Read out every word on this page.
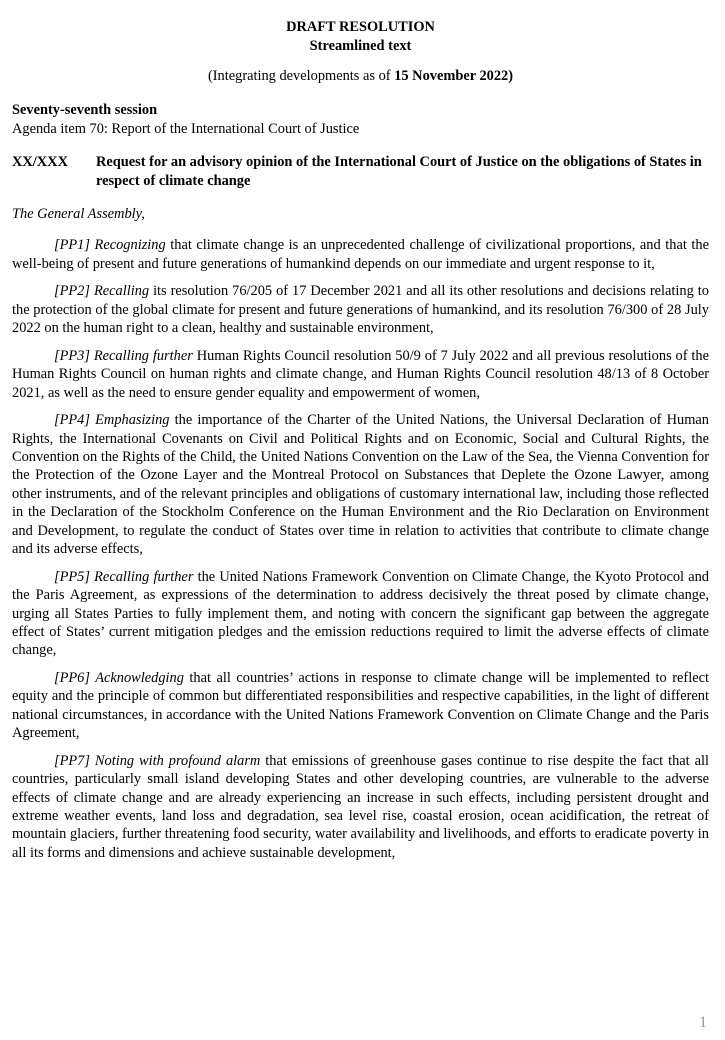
DRAFT RESOLUTION
Streamlined text
(Integrating developments as of 15 November 2022)
Seventy-seventh session
Agenda item 70: Report of the International Court of Justice
XX/XXX	Request for an advisory opinion of the International Court of Justice on the obligations of States in respect of climate change
The General Assembly,

[PP1] Recognizing that climate change is an unprecedented challenge of civilizational proportions, and that the well-being of present and future generations of humankind depends on our immediate and urgent response to it,

[PP2] Recalling its resolution 76/205 of 17 December 2021 and all its other resolutions and decisions relating to the protection of the global climate for present and future generations of humankind, and its resolution 76/300 of 28 July 2022 on the human right to a clean, healthy and sustainable environment,

[PP3] Recalling further Human Rights Council resolution 50/9 of 7 July 2022 and all previous resolutions of the Human Rights Council on human rights and climate change, and Human Rights Council resolution 48/13 of 8 October 2021, as well as the need to ensure gender equality and empowerment of women,

[PP4] Emphasizing the importance of the Charter of the United Nations, the Universal Declaration of Human Rights, the International Covenants on Civil and Political Rights and on Economic, Social and Cultural Rights, the Convention on the Rights of the Child, the United Nations Convention on the Law of the Sea, the Vienna Convention for the Protection of the Ozone Layer and the Montreal Protocol on Substances that Deplete the Ozone Lawyer, among other instruments, and of the relevant principles and obligations of customary international law, including those reflected in the Declaration of the Stockholm Conference on the Human Environment and the Rio Declaration on Environment and Development, to regulate the conduct of States over time in relation to activities that contribute to climate change and its adverse effects,

[PP5] Recalling further the United Nations Framework Convention on Climate Change, the Kyoto Protocol and the Paris Agreement, as expressions of the determination to address decisively the threat posed by climate change, urging all States Parties to fully implement them, and noting with concern the significant gap between the aggregate effect of States’ current mitigation pledges and the emission reductions required to limit the adverse effects of climate change,

[PP6] Acknowledging that all countries’ actions in response to climate change will be implemented to reflect equity and the principle of common but differentiated responsibilities and respective capabilities, in the light of different national circumstances, in accordance with the United Nations Framework Convention on Climate Change and the Paris Agreement,

[PP7] Noting with profound alarm that emissions of greenhouse gases continue to rise despite the fact that all countries, particularly small island developing States and other developing countries, are vulnerable to the adverse effects of climate change and are already experiencing an increase in such effects, including persistent drought and extreme weather events, land loss and degradation, sea level rise, coastal erosion, ocean acidification, the retreat of mountain glaciers, further threatening food security, water availability and livelihoods, and efforts to eradicate poverty in all its forms and dimensions and achieve sustainable development,

1
